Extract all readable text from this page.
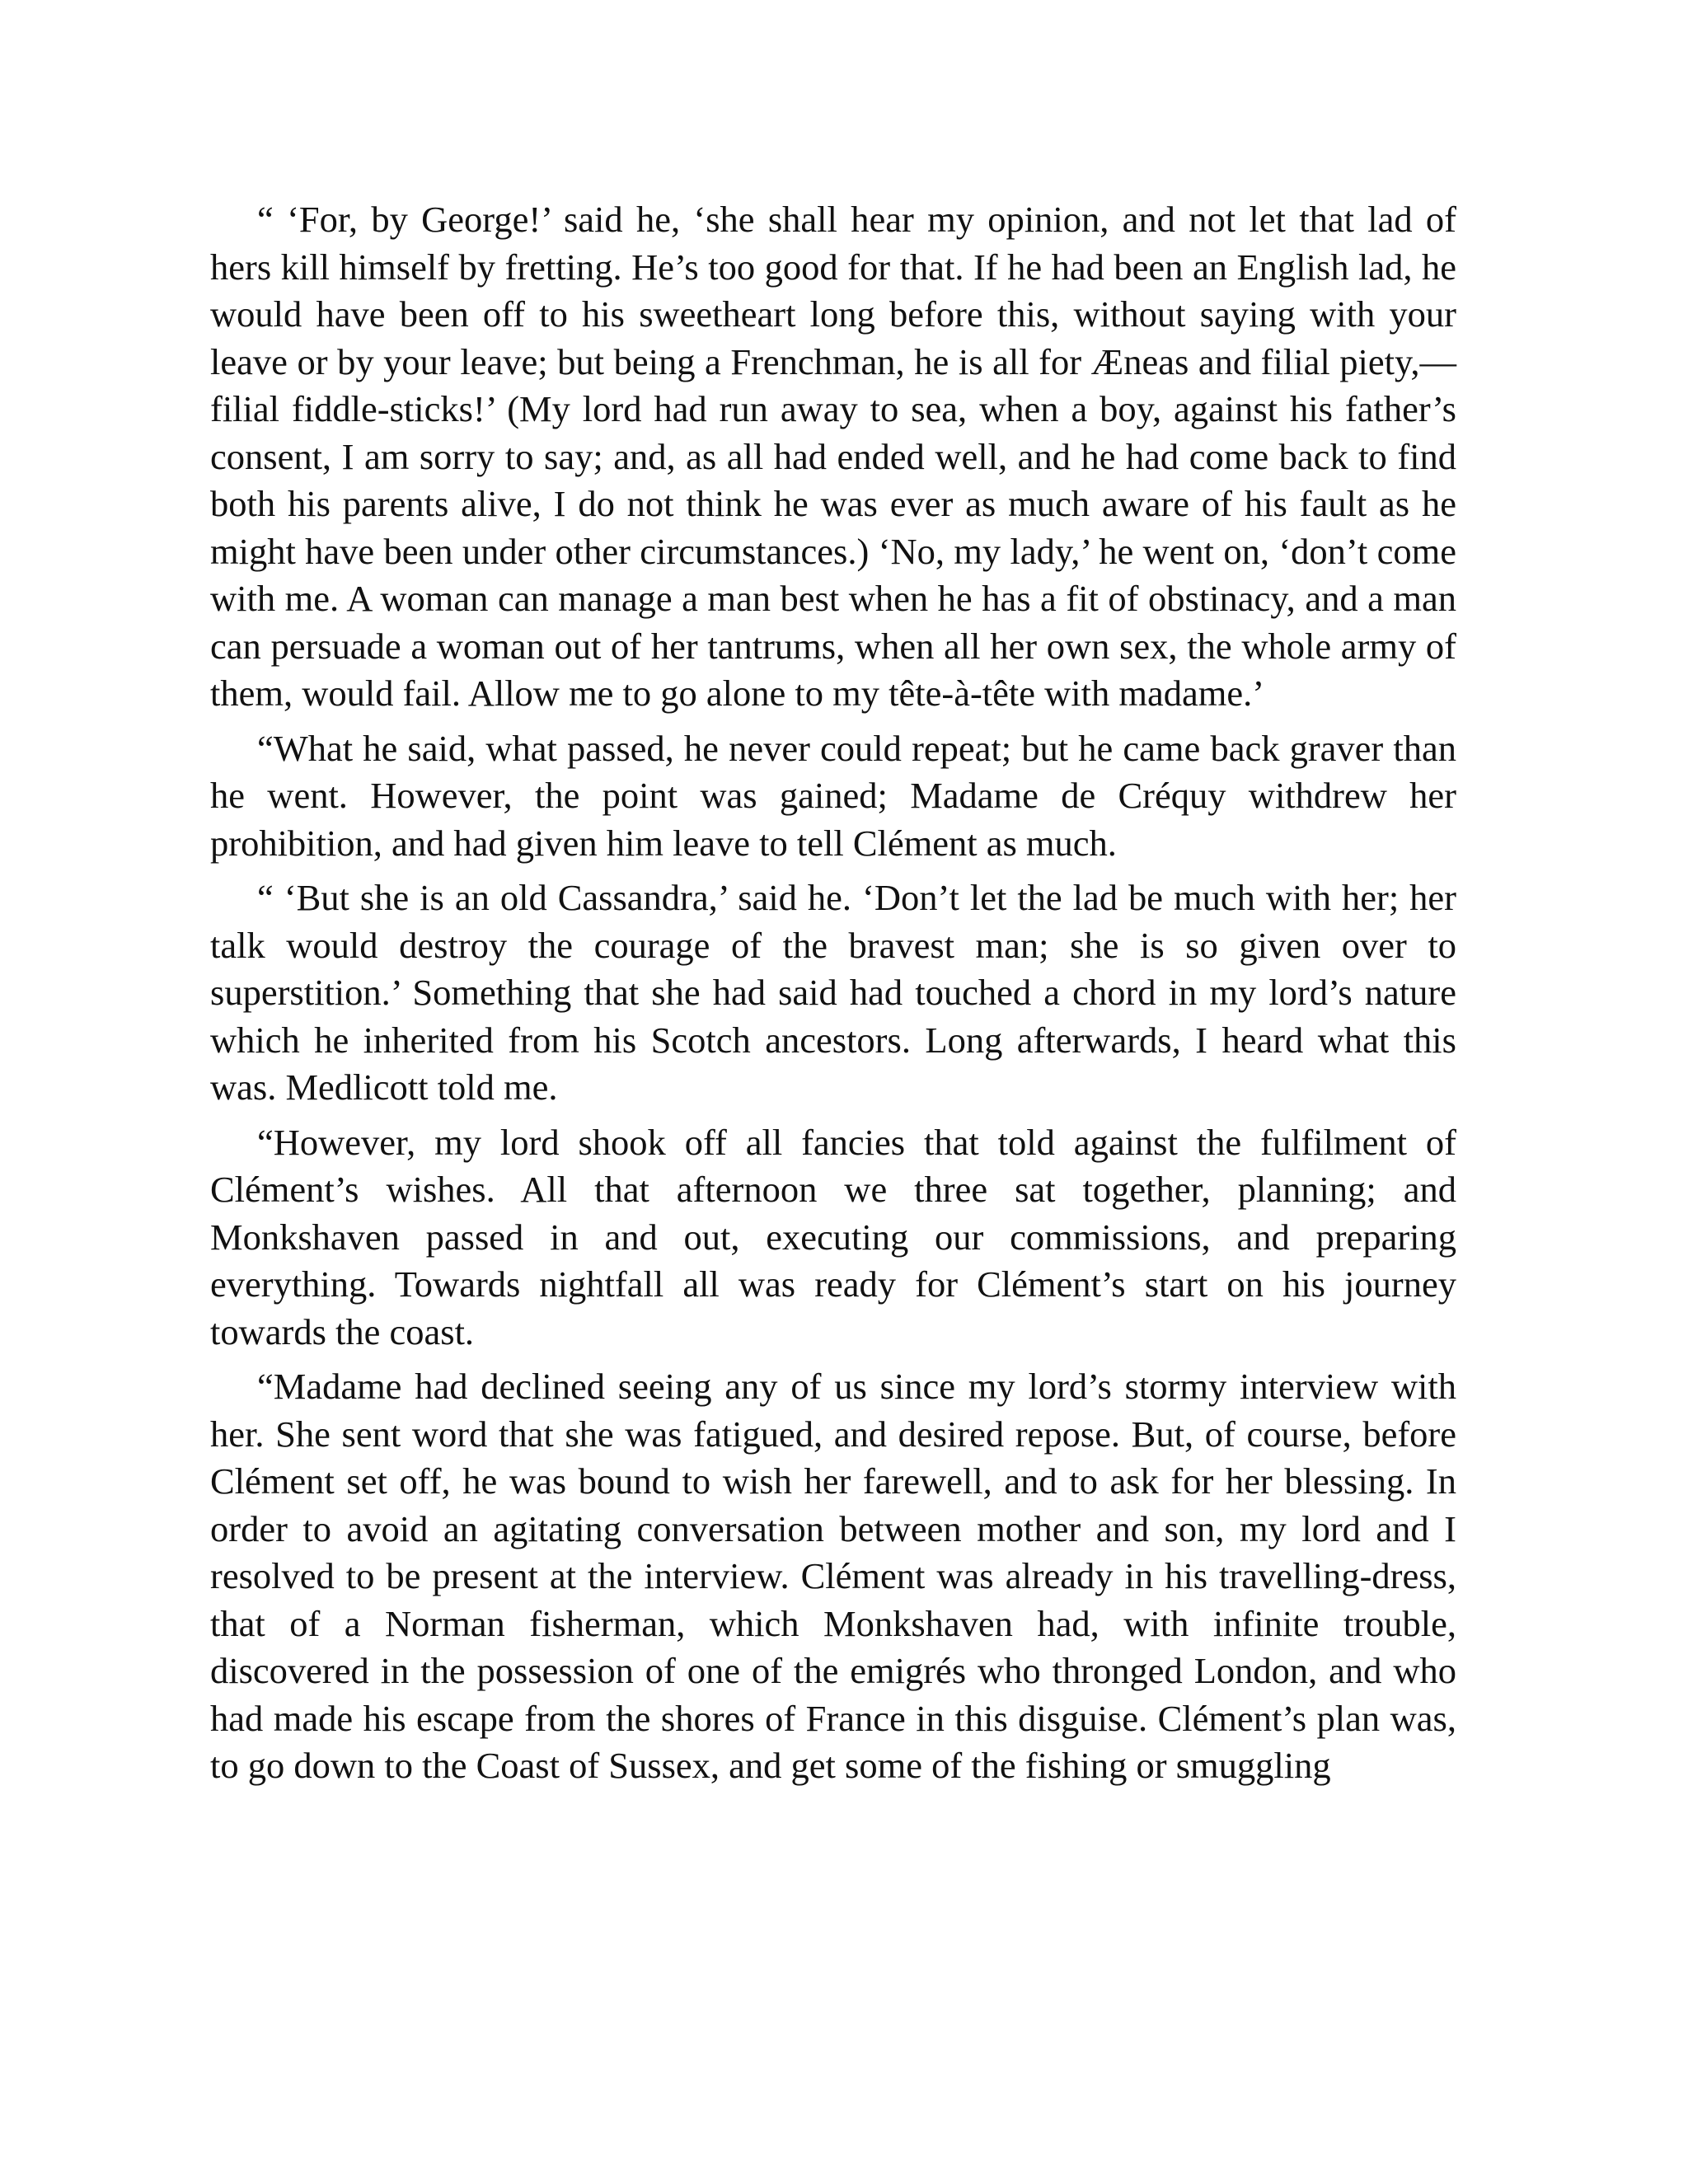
“ ‘For, by George!’ said he, ‘she shall hear my opinion, and not let that lad of hers kill himself by fretting. He’s too good for that. If he had been an English lad, he would have been off to his sweetheart long before this, without saying with your leave or by your leave; but being a Frenchman, he is all for Æneas and filial piety,—filial fiddle-sticks!’ (My lord had run away to sea, when a boy, against his father’s consent, I am sorry to say; and, as all had ended well, and he had come back to find both his parents alive, I do not think he was ever as much aware of his fault as he might have been under other circumstances.) ‘No, my lady,’ he went on, ‘don’t come with me. A woman can manage a man best when he has a fit of obstinacy, and a man can persuade a woman out of her tantrums, when all her own sex, the whole army of them, would fail. Allow me to go alone to my tête-à-tête with madame.’

“What he said, what passed, he never could repeat; but he came back graver than he went. However, the point was gained; Madame de Créquy withdrew her prohibition, and had given him leave to tell Clément as much.

“ ‘But she is an old Cassandra,’ said he. ‘Don’t let the lad be much with her; her talk would destroy the courage of the bravest man; she is so given over to superstition.’ Something that she had said had touched a chord in my lord’s nature which he inherited from his Scotch ancestors. Long afterwards, I heard what this was. Medlicott told me.

“However, my lord shook off all fancies that told against the fulfilment of Clément’s wishes. All that afternoon we three sat together, planning; and Monkshaven passed in and out, executing our commissions, and preparing everything. Towards nightfall all was ready for Clément’s start on his journey towards the coast.

“Madame had declined seeing any of us since my lord’s stormy interview with her. She sent word that she was fatigued, and desired repose. But, of course, before Clément set off, he was bound to wish her farewell, and to ask for her blessing. In order to avoid an agitating conversation between mother and son, my lord and I resolved to be present at the interview. Clément was already in his travelling-dress, that of a Norman fisherman, which Monkshaven had, with infinite trouble, discovered in the possession of one of the emigrés who thronged London, and who had made his escape from the shores of France in this disguise. Clément’s plan was, to go down to the Coast of Sussex, and get some of the fishing or smuggling
